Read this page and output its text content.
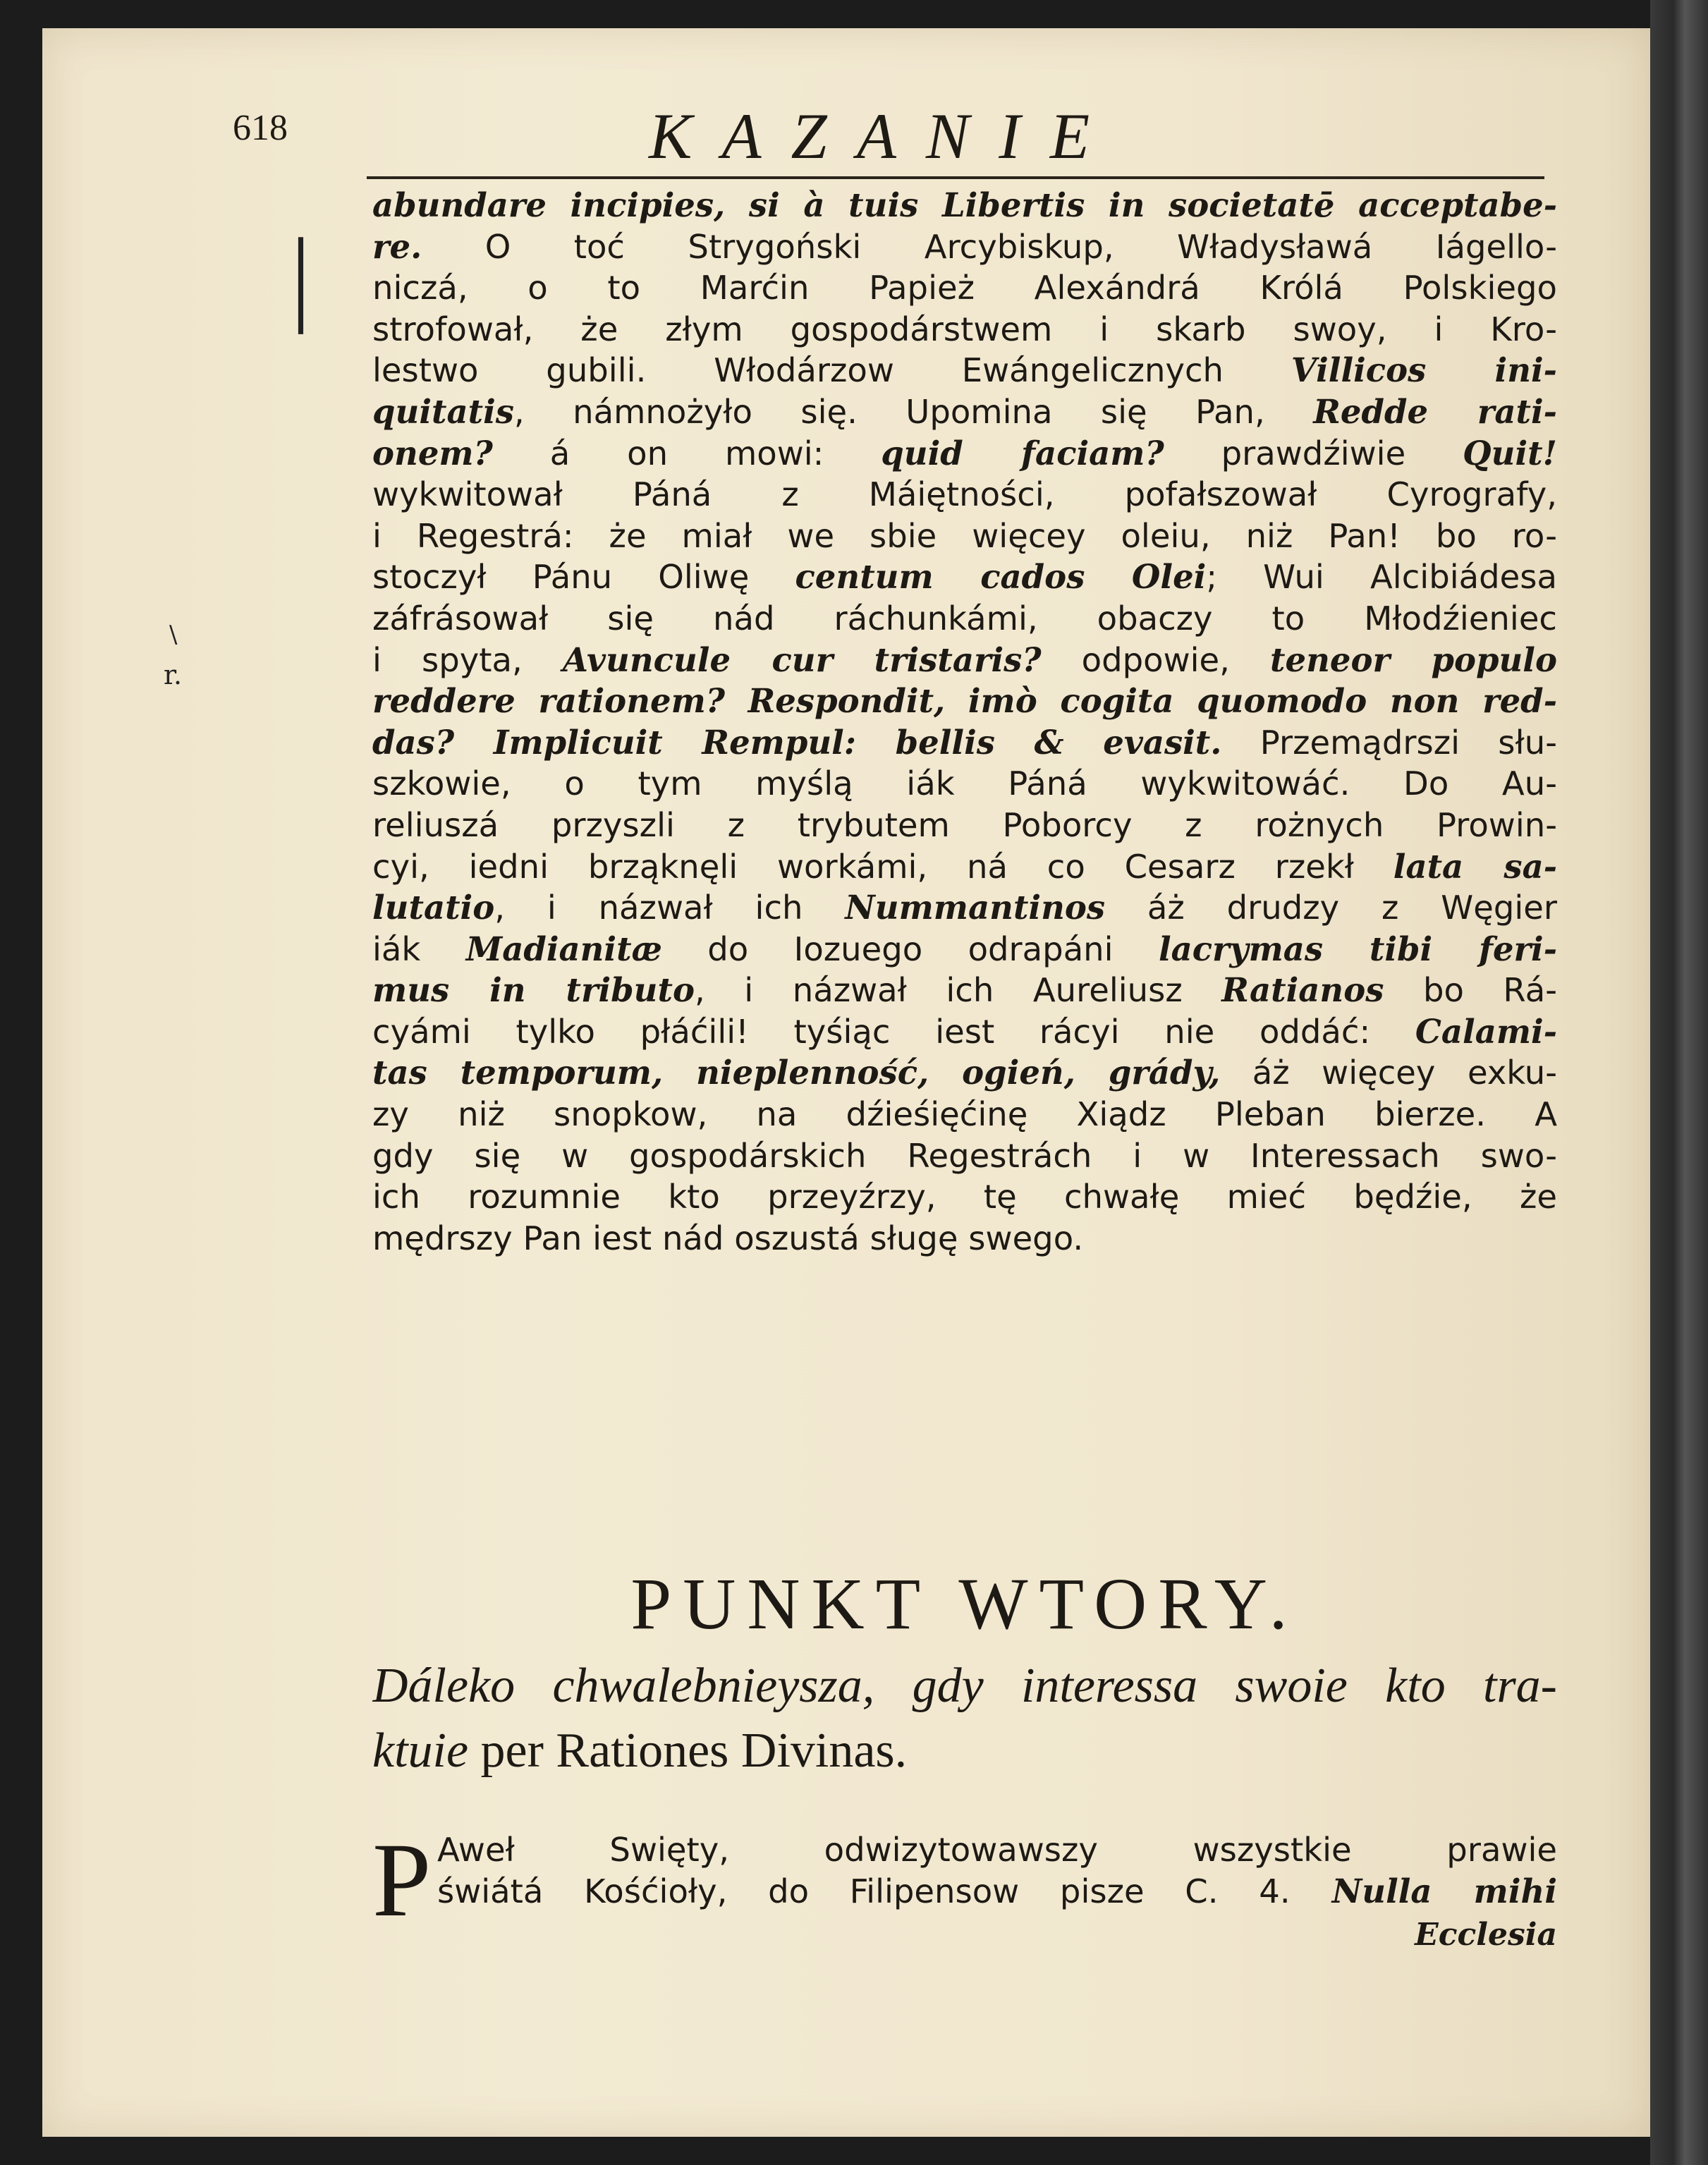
|
\
r.
618	KAZANIE
abundare incipies, si à tuis Libertis in societatē acceptabe-
re. O toć Strygoński Arcybiskup, Władysławá Iágello-
niczá, o to Marćin Papież Alexándrá Królá Polskiego
strofował, że złym gospodárstwem i skarb swoy, i Kro-
lestwo gubili. Włodárzow Ewángelicznych Villicos ini-
quitatis, námnożyło się. Upomina się Pan, Redde rati-
onem? á on mowi: quid faciam? prawdźiwie Quit!
wykwitował Páná z Máiętności, pofałszował Cyrografy,
i Regestrá: że miał we sbie więcey oleiu, niż Pan! bo ro-
stoczył Pánu Oliwę centum cados Olei; Wui Alcibiádesa
záfrásował się nád ráchunkámi, obaczy to Młodźieniec
i spyta, Avuncule cur tristaris? odpowie, teneor populo
reddere rationem? Respondit, imò cogita quomodo non red-
das? Implicuit Rempul: bellis & evasit. Przemądrszi słu-
szkowie, o tym myślą iák Páná wykwitowáć. Do Au-
reliuszá przyszli z trybutem Poborcy z rożnych Prowin-
cyi, iedni brząknęli workámi, ná co Cesarz rzekł lata sa-
lutatio, i názwał ich Nummantinos áż drudzy z Węgier
iák Madianitæ do Iozuego odrapáni lacrymas tibi feri-
mus in tributo, i názwał ich Aureliusz Ratianos bo Rá-
cyámi tylko płáćili! tyśiąc iest rácyi nie oddáć: Calami-
tas temporum, nieplenność, ogień, grády, áż więcey exku-
zy niż snopkow, na dźieśięćinę Xiądz Pleban bierze. A
gdy się w gospodárskich Regestrách i w Interessach swo-
ich rozumnie kto przeyźrzy, tę chwałę mieć będźie, że
mędrszy Pan iest nád oszustá sługę swego.
PUNKT WTORY.
Dáleko chwalebnieysza, gdy interessa swoie kto tra-
ktuie per Rationes Divinas.
P Aweł Swięty, odwizytowawszy wszystkie prawie
świátá Kośćioły, do Filipensow pisze C. 4. Nulla mihi
Ecclesia
